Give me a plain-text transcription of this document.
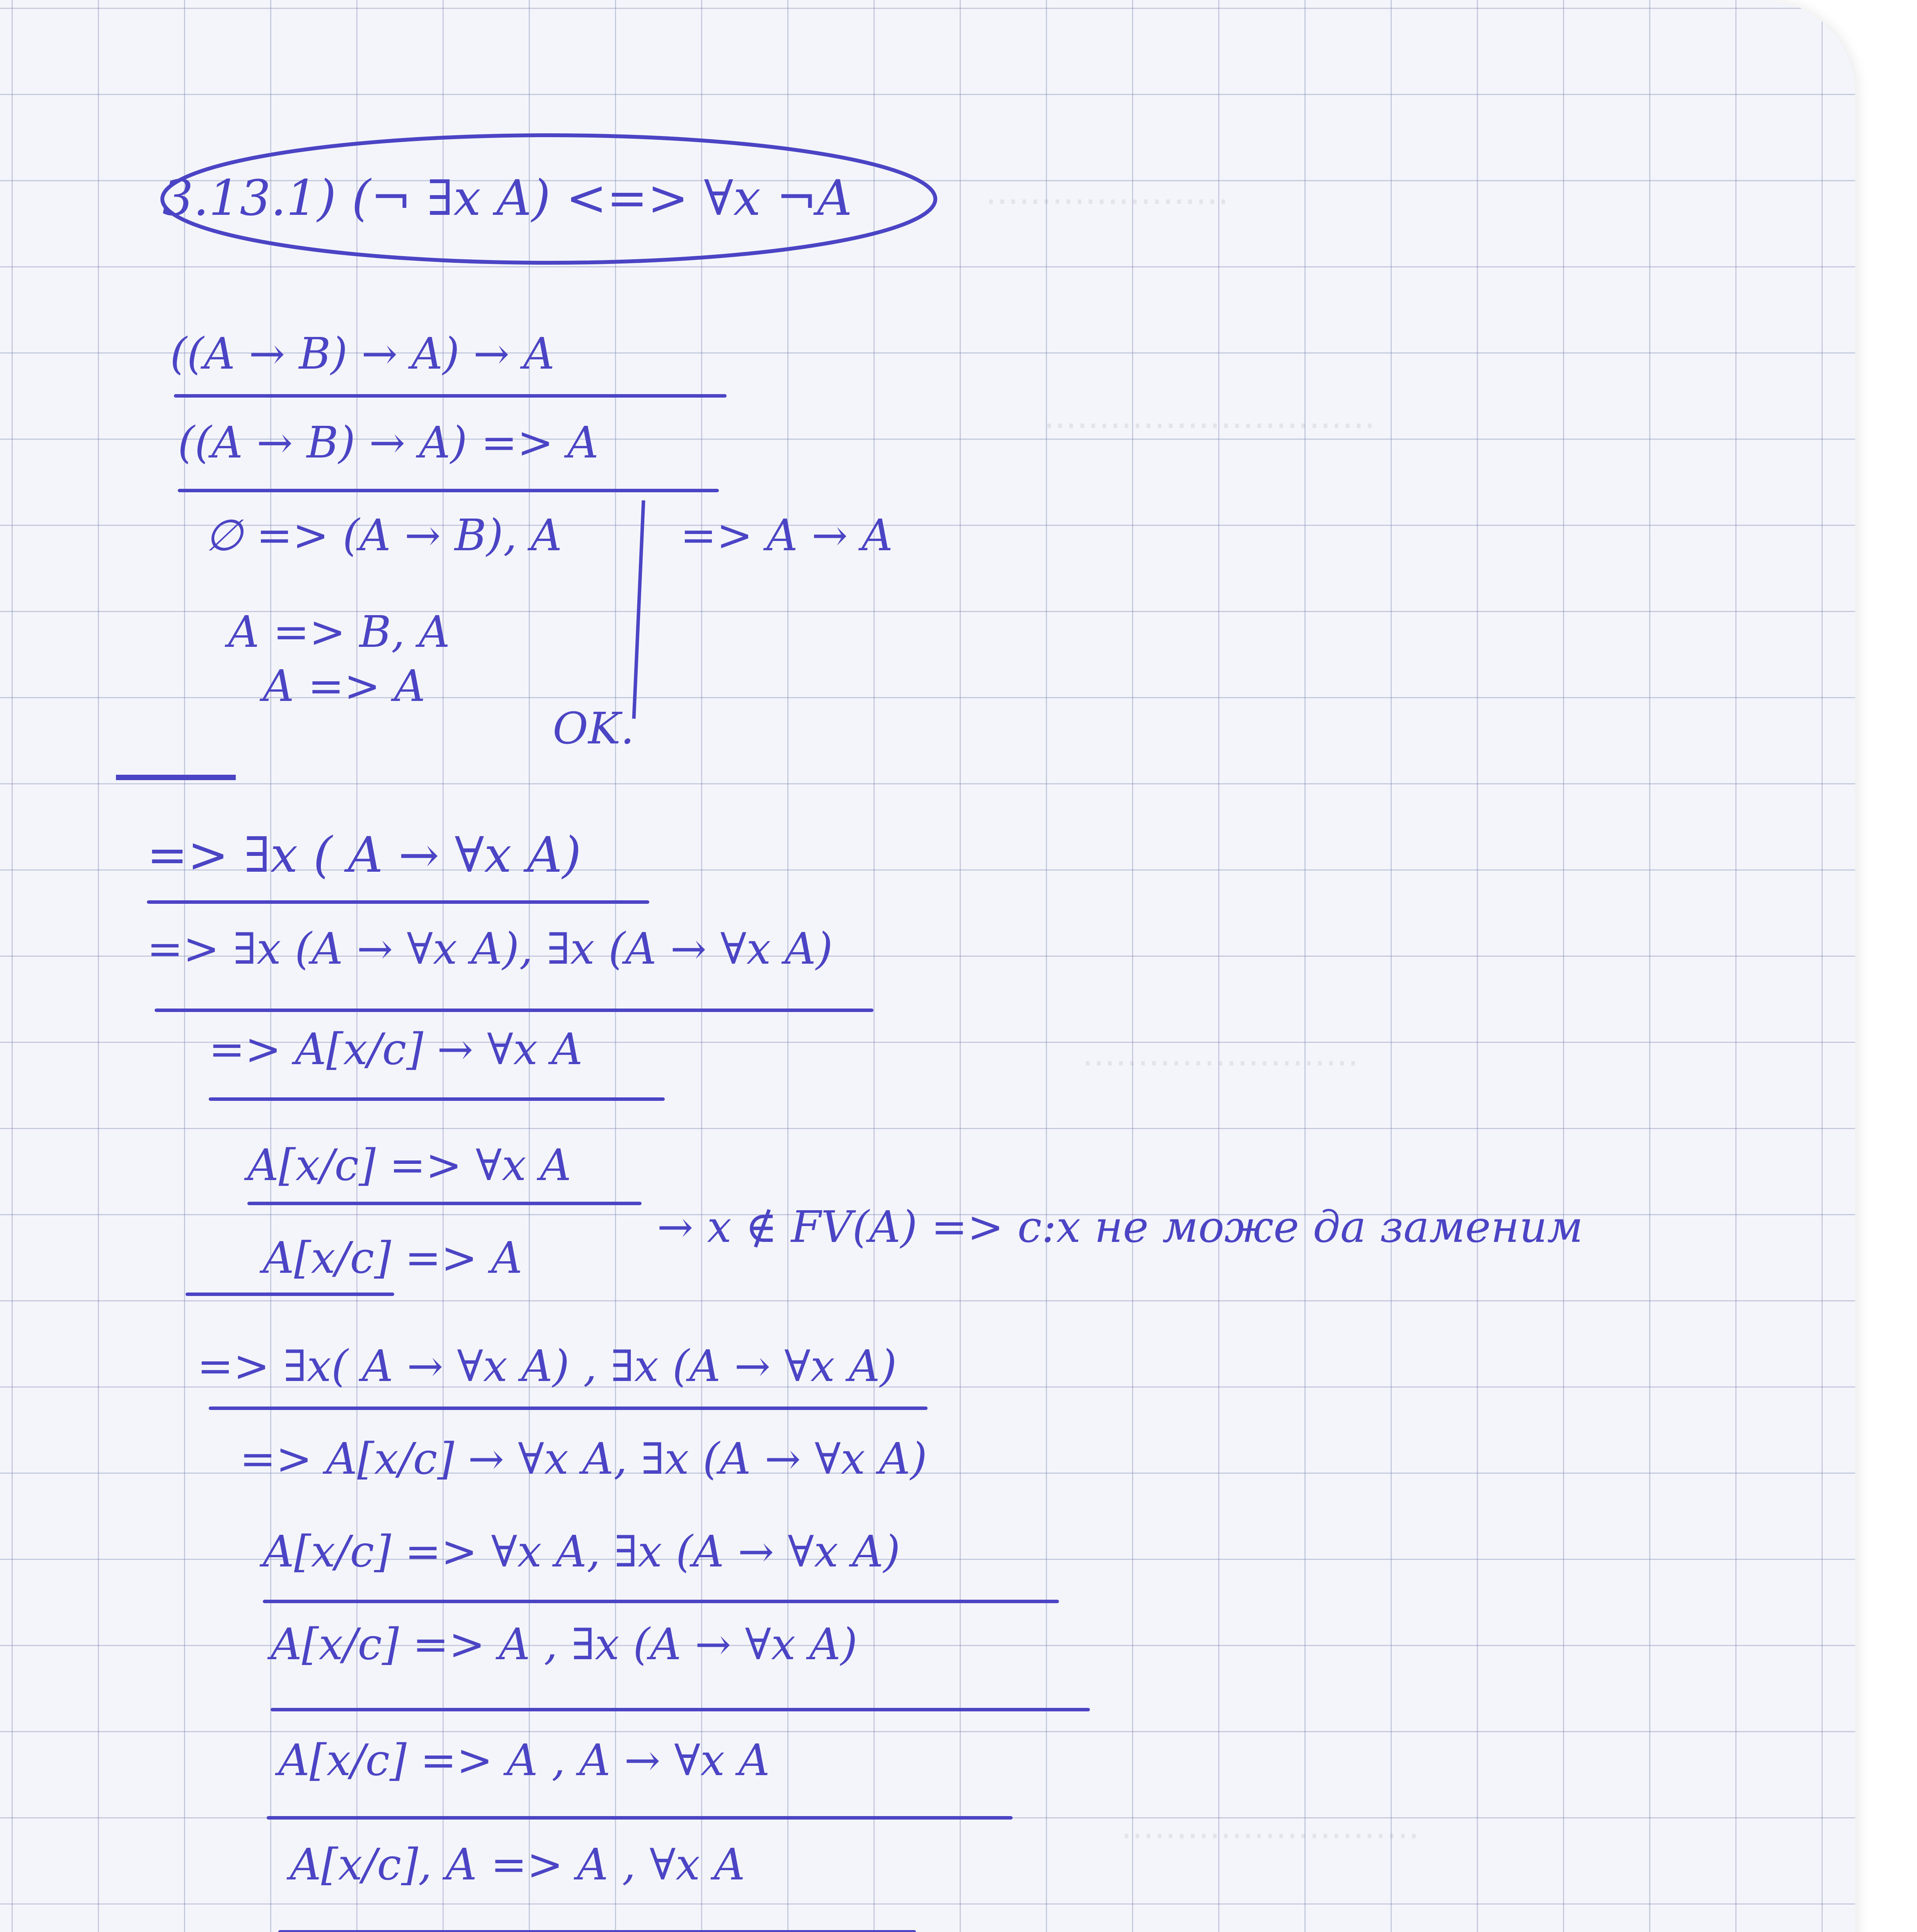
······················
······························
·························
···························
3.13.1) (¬ ∃x A) <=> ∀x ¬A
((A → B) → A) → A
((A → B) → A) => A
∅ => (A → B), A	=> A → A
A => B, A
A => A
OK.
=> ∃x ( A → ∀x A)
=> ∃x (A → ∀x A), ∃x (A → ∀x A)
=> A[x/c] → ∀x A
A[x/c] => ∀x A
A[x/c] => A
→ x ∉ FV(A) => c:x не може да заменим
=> ∃x( A → ∀x A) , ∃x (A → ∀x A)
=> A[x/c] → ∀x A, ∃x (A → ∀x A)
A[x/c] => ∀x A, ∃x (A → ∀x A)
A[x/c] => A , ∃x (A → ∀x A)
A[x/c] => A , A → ∀x A
A[x/c], A => A , ∀x A
